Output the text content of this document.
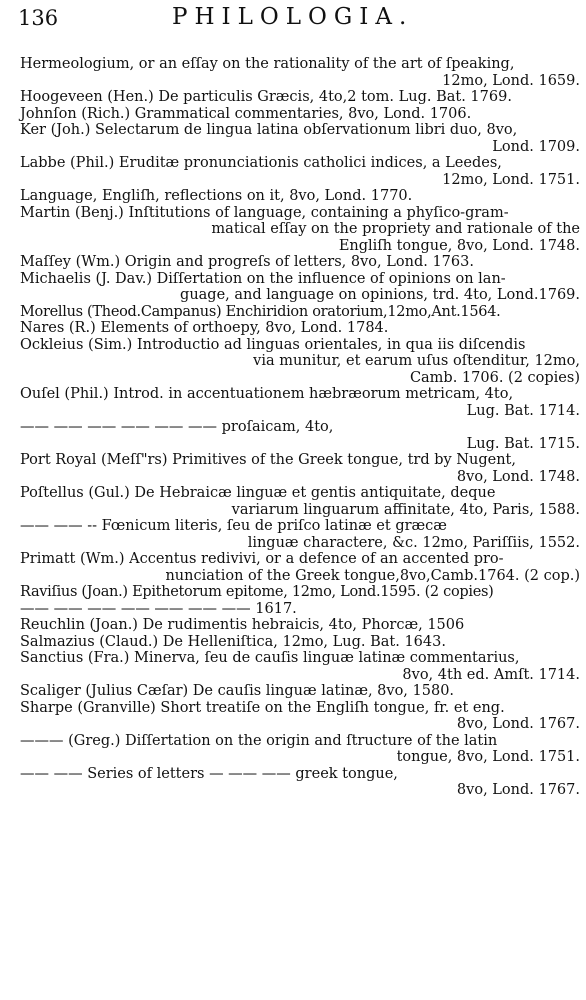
136	PHILOLOGIA.

Hermeologium, or an eſſay on the rationality of the art of ſpeaking,
12mo, Lond. 1659.

Hoogeveen (Hen.) De particulis Græcis, 4to,2 tom. Lug. Bat. 1769.

Johnſon (Rich.) Grammatical commentaries, 8vo, Lond. 1706.

Ker (Joh.) Selectarum de lingua latina obſervationum libri duo, 8vo,
Lond. 1709.

Labbe (Phil.) Eruditæ pronunciationis catholici indices, a Leedes,
12mo, Lond. 1751.

Language, Engliſh, reflections on it, 8vo, Lond. 1770.

Martin (Benj.) Inſtitutions of language, containing a phyſico-gram-
matical eſſay on the propriety and rationale of the
Engliſh tongue, 8vo, Lond. 1748.

Maſſey (Wm.) Origin and progreſs of letters, 8vo, Lond. 1763.

Michaelis (J. Dav.) Diſſertation on the influence of opinions on lan-
guage, and language on opinions, trd. 4to, Lond.1769.

Morellus (Theod.Campanus) Enchiridion oratorium,12mo,Ant.1564.

Nares (R.) Elements of orthoepy, 8vo, Lond. 1784.

Ockleius (Sim.) Introductio ad linguas orientales, in qua iis diſcendis
via munitur, et earum uſus oſtenditur, 12mo,
Camb. 1706. (2 copies)

Ouſel (Phil.) Introd. in accentuationem hæbræorum metricam, 4to,
Lug. Bat. 1714.

—— —— —— —— —— —— proſaicam, 4to,
Lug. Bat. 1715.

Port Royal (Meſſ"rs) Primitives of the Greek tongue, trd by Nugent,
8vo, Lond. 1748.

Poſtellus (Gul.) De Hebraicæ linguæ et gentis antiquitate, deque
variarum linguarum affinitate, 4to, Paris, 1588.

—— —— -- Fœnicum literis, ſeu de priſco latinæ et græcæ
linguæ charactere, &c. 12mo, Pariſſiis, 1552.

Primatt (Wm.) Accentus redivivi, or a defence of an accented pro-
nunciation of the Greek tongue,8vo,Camb.1764. (2 cop.)

Raviſius (Joan.) Epithetorum epitome, 12mo, Lond.1595. (2 copies)

—— —— —— —— —— —— —— 1617.

Reuchlin (Joan.) De rudimentis hebraicis, 4to, Phorcæ, 1506

Salmazius (Claud.) De Helleniſtica, 12mo, Lug. Bat. 1643.

Sanctius (Fra.) Minerva, ſeu de cauſis linguæ latinæ commentarius,
8vo, 4th ed. Amſt. 1714.

Scaliger (Julius Cæſar) De cauſis linguæ latinæ, 8vo, 1580.

Sharpe (Granville) Short treatiſe on the Engliſh tongue, fr. et eng.
8vo, Lond. 1767.

——— (Greg.) Diſſertation on the origin and ſtructure of the latin
tongue, 8vo, Lond. 1751.

—— —— Series of letters — —— —— greek tongue,
8vo, Lond. 1767.
